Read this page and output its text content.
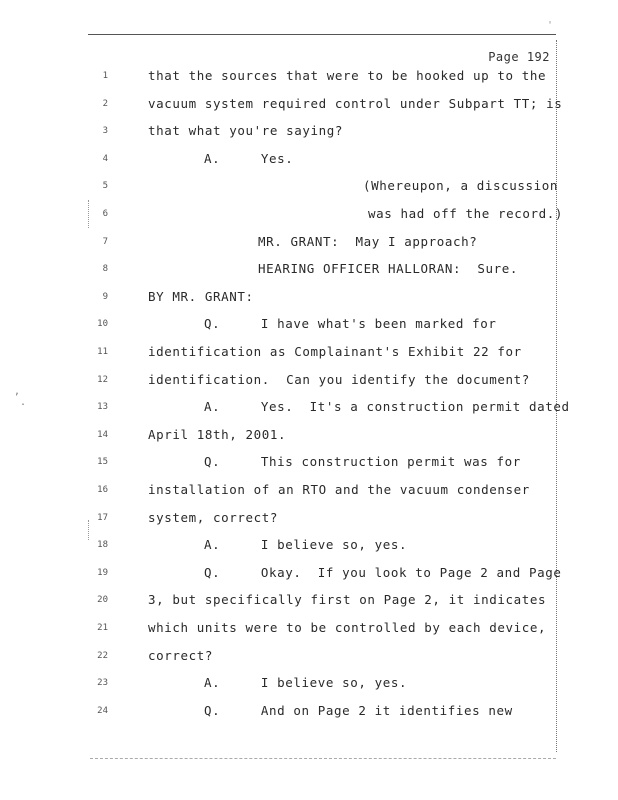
'
,
.
Page 192
1	that the sources that were to be hooked up to the
2	vacuum system required control under Subpart TT; is
3	that what you're saying?
4	A.     Yes.
5	(Whereupon, a discussion
6	was had off the record.)
7	MR. GRANT:  May I approach?
8	HEARING OFFICER HALLORAN:  Sure.
9	BY MR. GRANT:
10	Q.     I have what's been marked for
11	identification as Complainant's Exhibit 22 for
12	identification.  Can you identify the document?
13	A.     Yes.  It's a construction permit dated
14	April 18th, 2001.
15	Q.     This construction permit was for
16	installation of an RTO and the vacuum condenser
17	system, correct?
18	A.     I believe so, yes.
19	Q.     Okay.  If you look to Page 2 and Page
20	3, but specifically first on Page 2, it indicates
21	which units were to be controlled by each device,
22	correct?
23	A.     I believe so, yes.
24	Q.     And on Page 2 it identifies new
